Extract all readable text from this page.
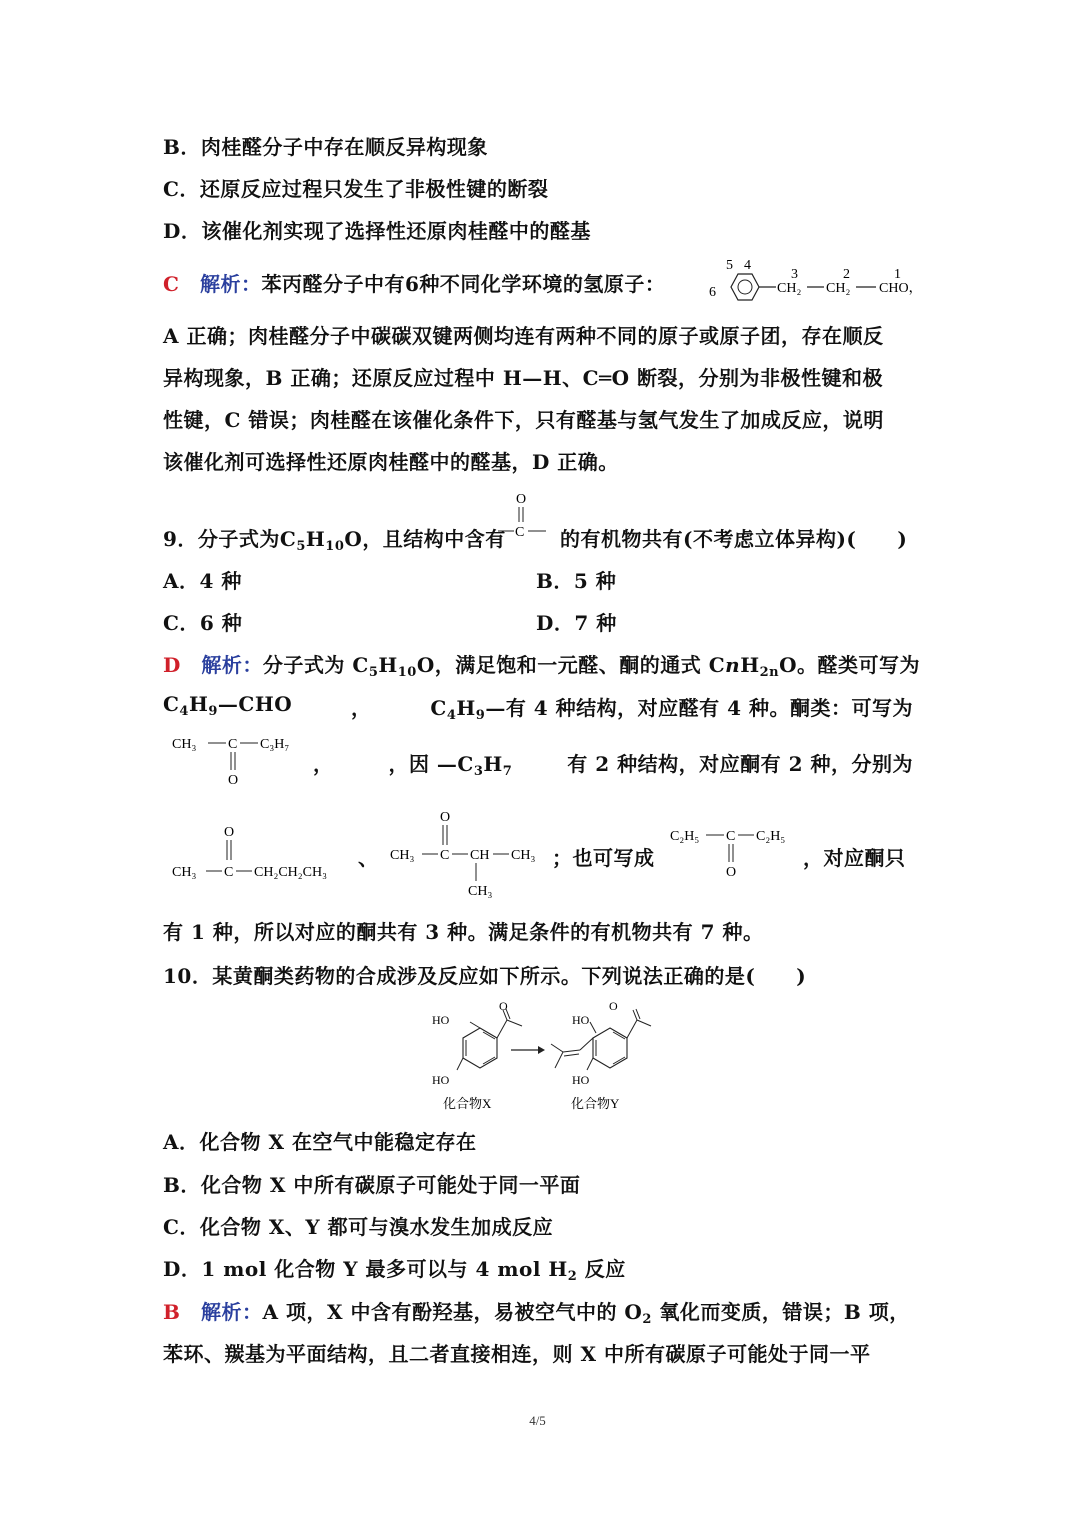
B．肉桂醛分子中存在顺反异构现象
C．还原反应过程只发生了非极性键的断裂
D．该催化剂实现了选择性还原肉桂醛中的醛基
C 解析：苯丙醛分子中有6种不同化学环境的氢原子：
5 4
6
3	2	1
CH₂ CH₂ CHO，
A 正确；肉桂醛分子中碳碳双键两侧均连有两种不同的原子或原子团，存在顺反
异构现象，B 正确；还原反应过程中 H—H、C═O 断裂，分别为非极性键和极
性键，C 错误；肉桂醛在该催化条件下，只有醛基与氢气发生了加成反应，说明
该催化剂可选择性还原肉桂醛中的醛基，D 正确。
9．分子式为$C_5H_{10}O$，且结构中含有
O
C 的有机物共有(不考虑立体异构)(　　)
A．4 种	B．5 种
C．6 种	D．7 种
D 解析：分子式为 $C_5H_{10}O$，满足饱和一元醛、酮的通式 CnH$_{2n}$O。醛类可写为
$C_4H_9—CHO$	，	$C_4H_9—$有 4 种结构，对应醛有 4 种。酮类：可写为
CH₃ C C₃H₇
O
，	，因 $—C_3H_7$	有 2 种结构，对应酮有 2 种，分别为
O
CH₃ C CH₂CH₂CH₃
、
O
CH₃ C CH CH₃
CH₃
；也可写成
C₂H₅ C C₂H₅
O
，对应酮只
有 1 种，所以对应的酮共有 3 种。满足条件的有机物共有 7 种。
10．某黄酮类药物的合成涉及反应如下所示。下列说法正确的是(　　)
HO
O
HO
化合物X
HO
O
HO
化合物Y
A．化合物 X 在空气中能稳定存在
B．化合物 X 中所有碳原子可能处于同一平面
C．化合物 X、Y 都可与溴水发生加成反应
D．1 mol 化合物 Y 最多可以与 4 mol $H_2$ 反应
B 解析：A 项，X 中含有酚羟基，易被空气中的 $O_2$ 氧化而变质，错误；B 项，
苯环、羰基为平面结构，且二者直接相连，则 X 中所有碳原子可能处于同一平
4/5
